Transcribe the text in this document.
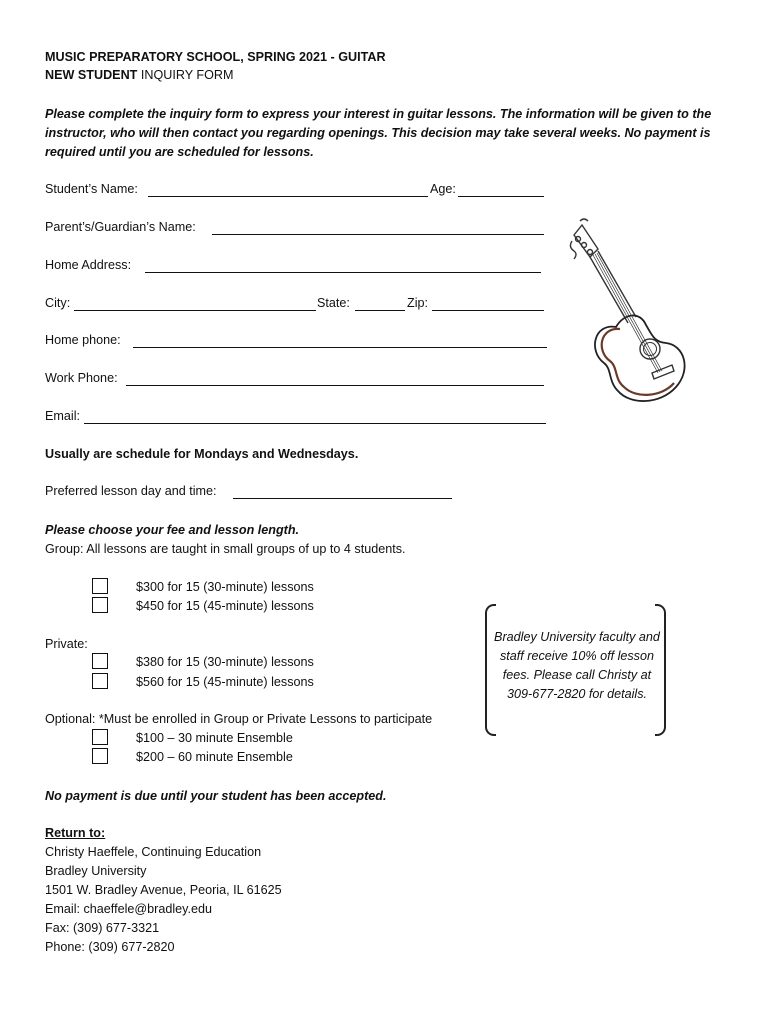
MUSIC PREPARATORY SCHOOL, SPRING 2021 - GUITAR
NEW STUDENT INQUIRY FORM
Please complete the inquiry form to express your interest in guitar lessons. The information will be given to the instructor, who will then contact you regarding openings. This decision may take several weeks. No payment is required until you are scheduled for lessons.
Student’s Name:	Age:
Parent’s/Guardian’s Name:
Home Address:
City:	State:	Zip:
Home phone:
Work Phone:
Email:
Usually are schedule for Mondays and Wednesdays.
Preferred lesson day and time:
Please choose your fee and lesson length.
Group: All lessons are taught in small groups of up to 4 students.
$300 for 15 (30-minute) lessons
$450 for 15 (45-minute) lessons
Private:
$380 for 15 (30-minute) lessons
$560 for 15 (45-minute) lessons
Optional: *Must be enrolled in Group or Private Lessons to participate
$100 – 30 minute Ensemble
$200 – 60 minute Ensemble
Bradley University faculty and staff receive 10% off lesson fees. Please call Christy at 309-677-2820 for details.
No payment is due until your student has been accepted.
Return to:
Christy Haeffele, Continuing Education
Bradley University
1501 W. Bradley Avenue, Peoria, IL 61625
Email: chaeffele@bradley.edu
Fax: (309) 677-3321
Phone: (309) 677-2820
